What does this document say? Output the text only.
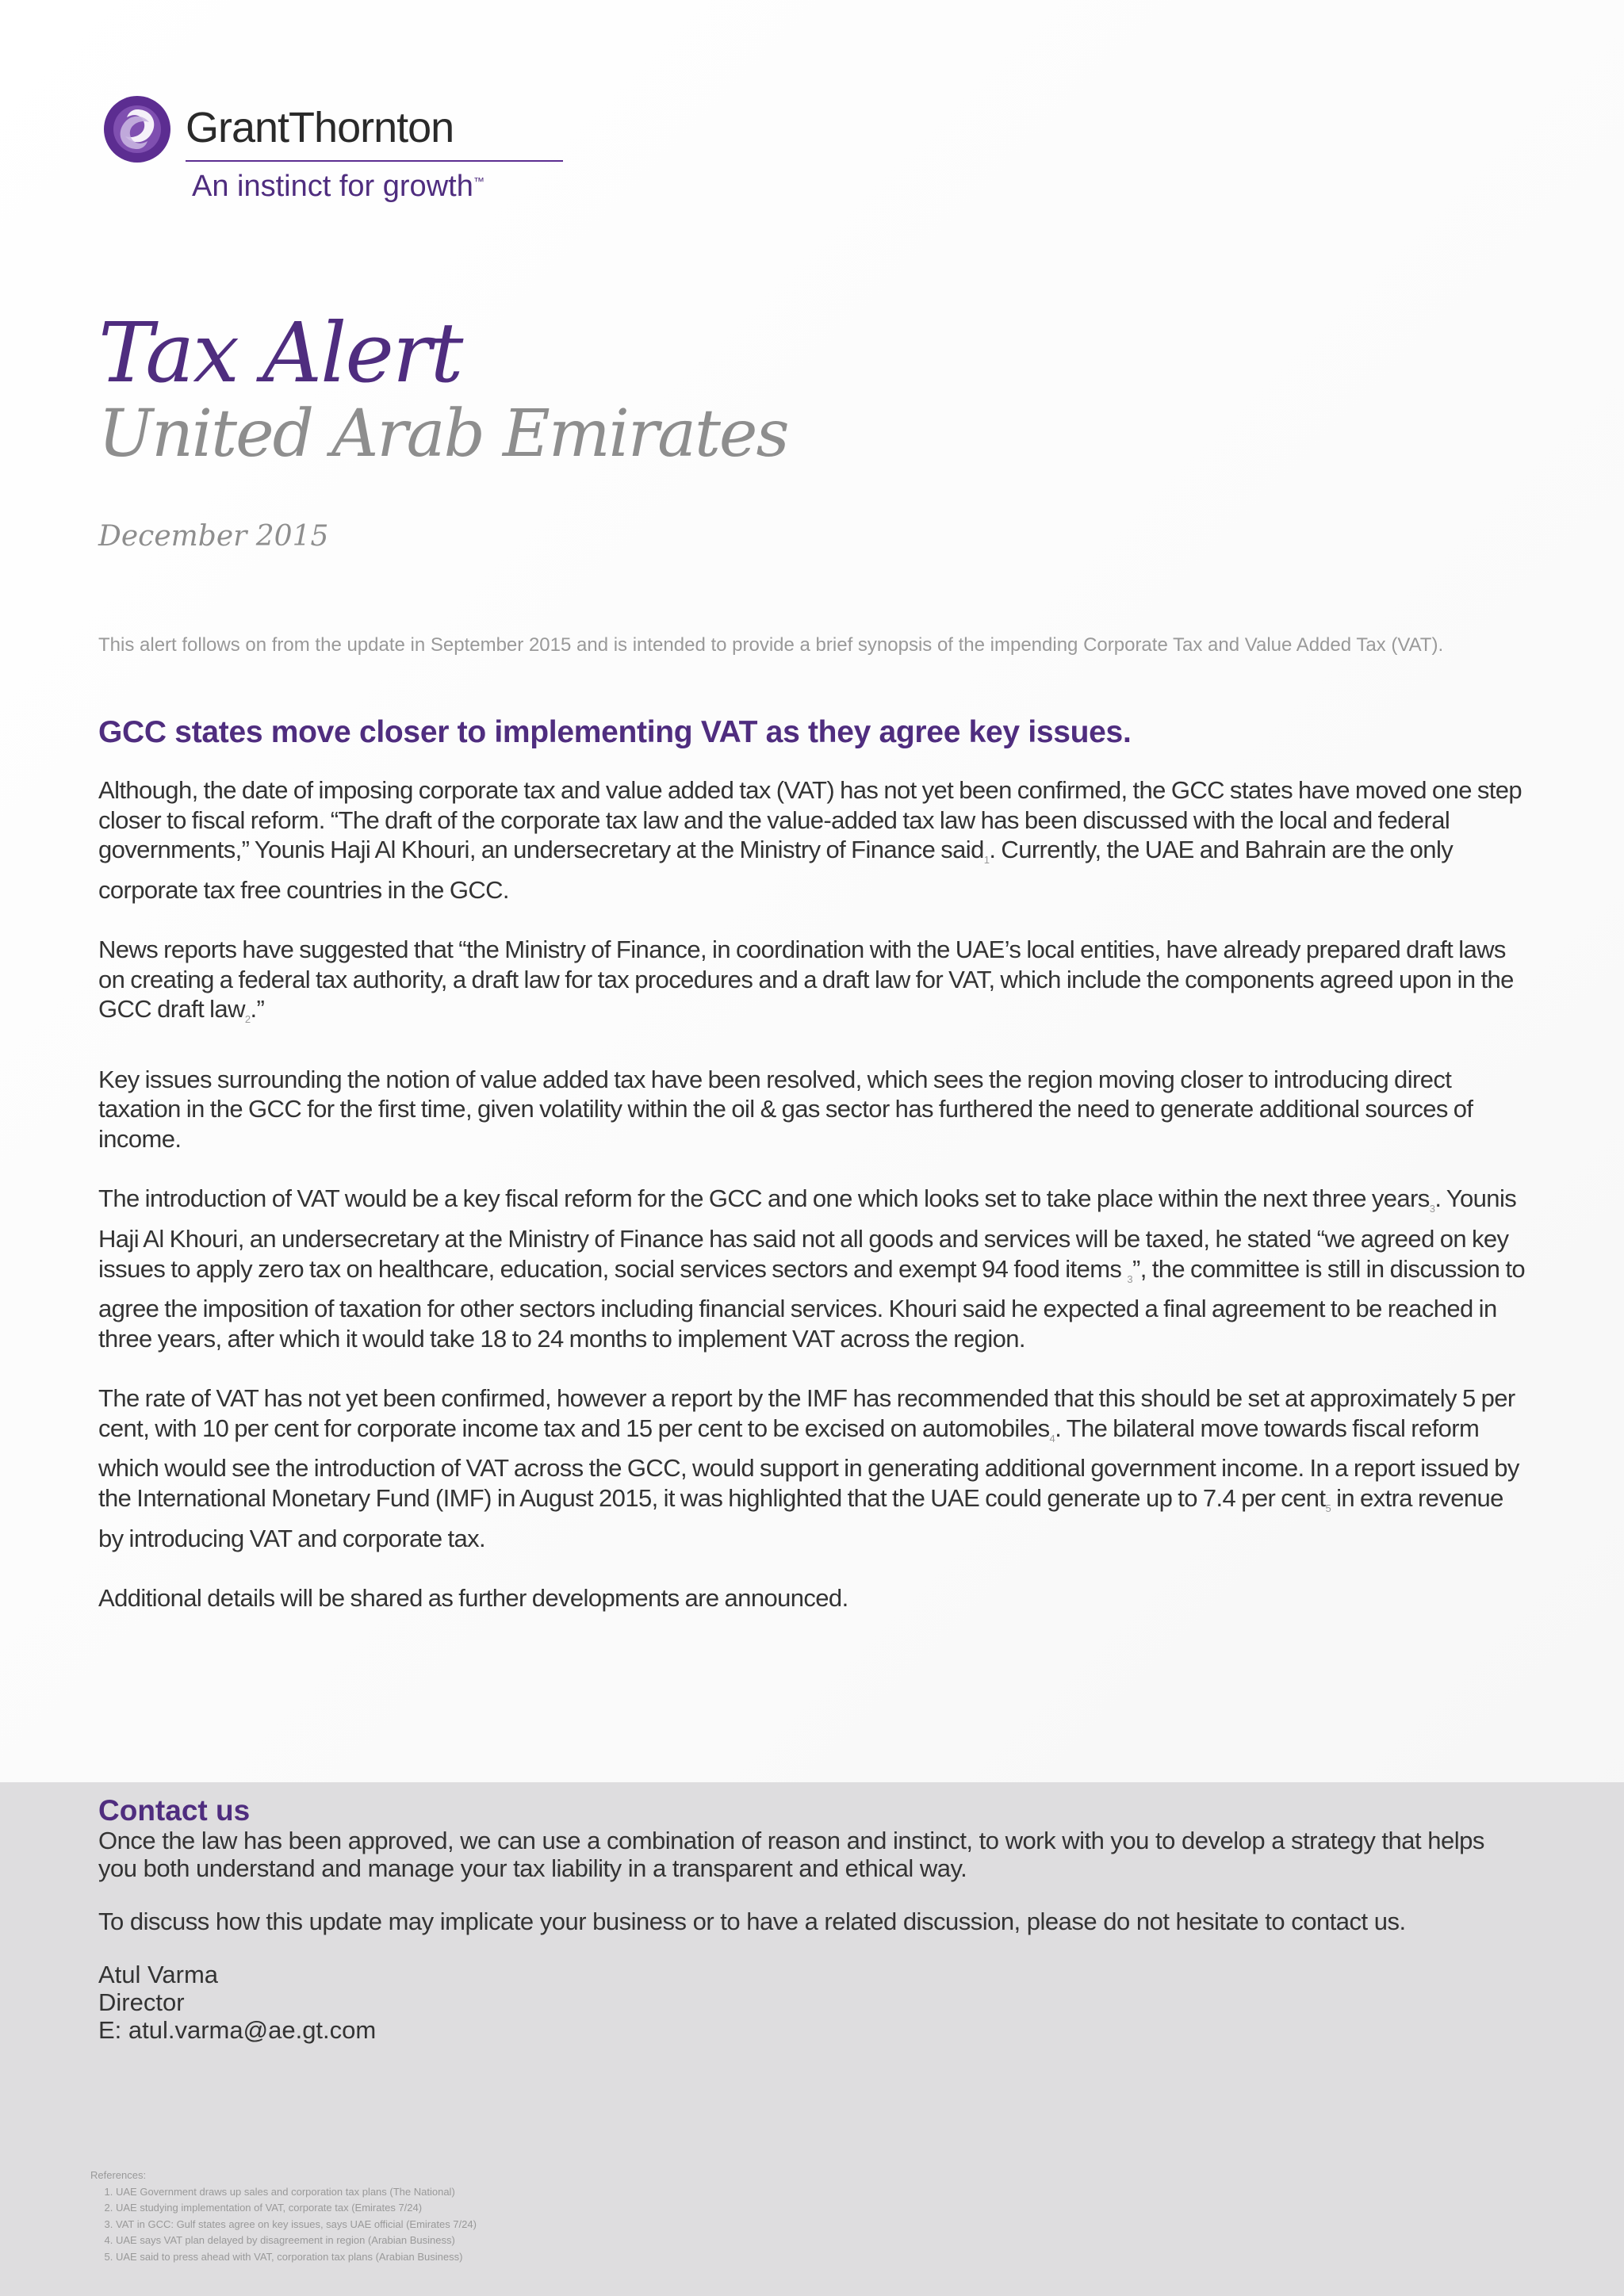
GrantThornton
An instinct for growth™
Tax Alert
United Arab Emirates
December 2015
This alert follows on from the update in September 2015 and is intended to provide a brief synopsis of the impending Corporate Tax and Value Added Tax (VAT).
GCC states move closer to implementing VAT as they agree key issues.

Although, the date of imposing corporate tax and value added tax (VAT) has not yet been confirmed, the GCC states have moved one step closer to fiscal reform. “The draft of the corporate tax law and the value-added tax law has been discussed with the local and federal governments,” Younis Haji Al Khouri, an undersecretary at the Ministry of Finance said$_1$. Currently, the UAE and Bahrain are the only corporate tax free countries in the GCC.

News reports have suggested that “the Ministry of Finance, in coordination with the UAE’s local entities, have already prepared draft laws on creating a federal tax authority, a draft law for tax procedures and a draft law for VAT, which include the components agreed upon in the GCC draft law$_2$.”

Key issues surrounding the notion of value added tax have been resolved, which sees the region moving closer to introducing direct taxation in the GCC for the first time, given volatility within the oil & gas sector has furthered the need to generate additional sources of income.

The introduction of VAT would be a key fiscal reform for the GCC and one which looks set to take place within the next three years$_3$. Younis Haji Al Khouri, an undersecretary at the Ministry of Finance has said not all goods and services will be taxed, he stated “we agreed on key issues to apply zero tax on healthcare, education, social services sectors and exempt 94 food items $_3$”, the committee is still in discussion to agree the imposition of taxation for other sectors including financial services. Khouri said he expected a final agreement to be reached in three years, after which it would take 18 to 24 months to implement VAT across the region.

The rate of VAT has not yet been confirmed, however a report by the IMF has recommended that this should be set at approximately 5 per cent, with 10 per cent for corporate income tax and 15 per cent to be excised on automobiles$_4$. The bilateral move towards fiscal reform which would see the introduction of VAT across the GCC, would support in generating additional government income. In a report issued by the International Monetary Fund (IMF) in August 2015, it was highlighted that the UAE could generate up to 7.4 per cent$_5$ in extra revenue by introducing VAT and corporate tax.

Additional details will be shared as further developments are announced.

Contact us

Once the law has been approved, we can use a combination of reason and instinct, to work with you to develop a strategy that helps you both understand and manage your tax liability in a transparent and ethical way.

To discuss how this update may implicate your business or to have a related discussion, please do not hesitate to contact us.

Atul Varma
Director
E: atul.varma@ae.gt.com
References:
1. UAE Government draws up sales and corporation tax plans (The National)
2. UAE studying implementation of VAT, corporate tax (Emirates 7/24)
3. VAT in GCC: Gulf states agree on key issues, says UAE official (Emirates 7/24)
4. UAE says VAT plan delayed by disagreement in region (Arabian Business)
5. UAE said to press ahead with VAT, corporation tax plans (Arabian Business)
